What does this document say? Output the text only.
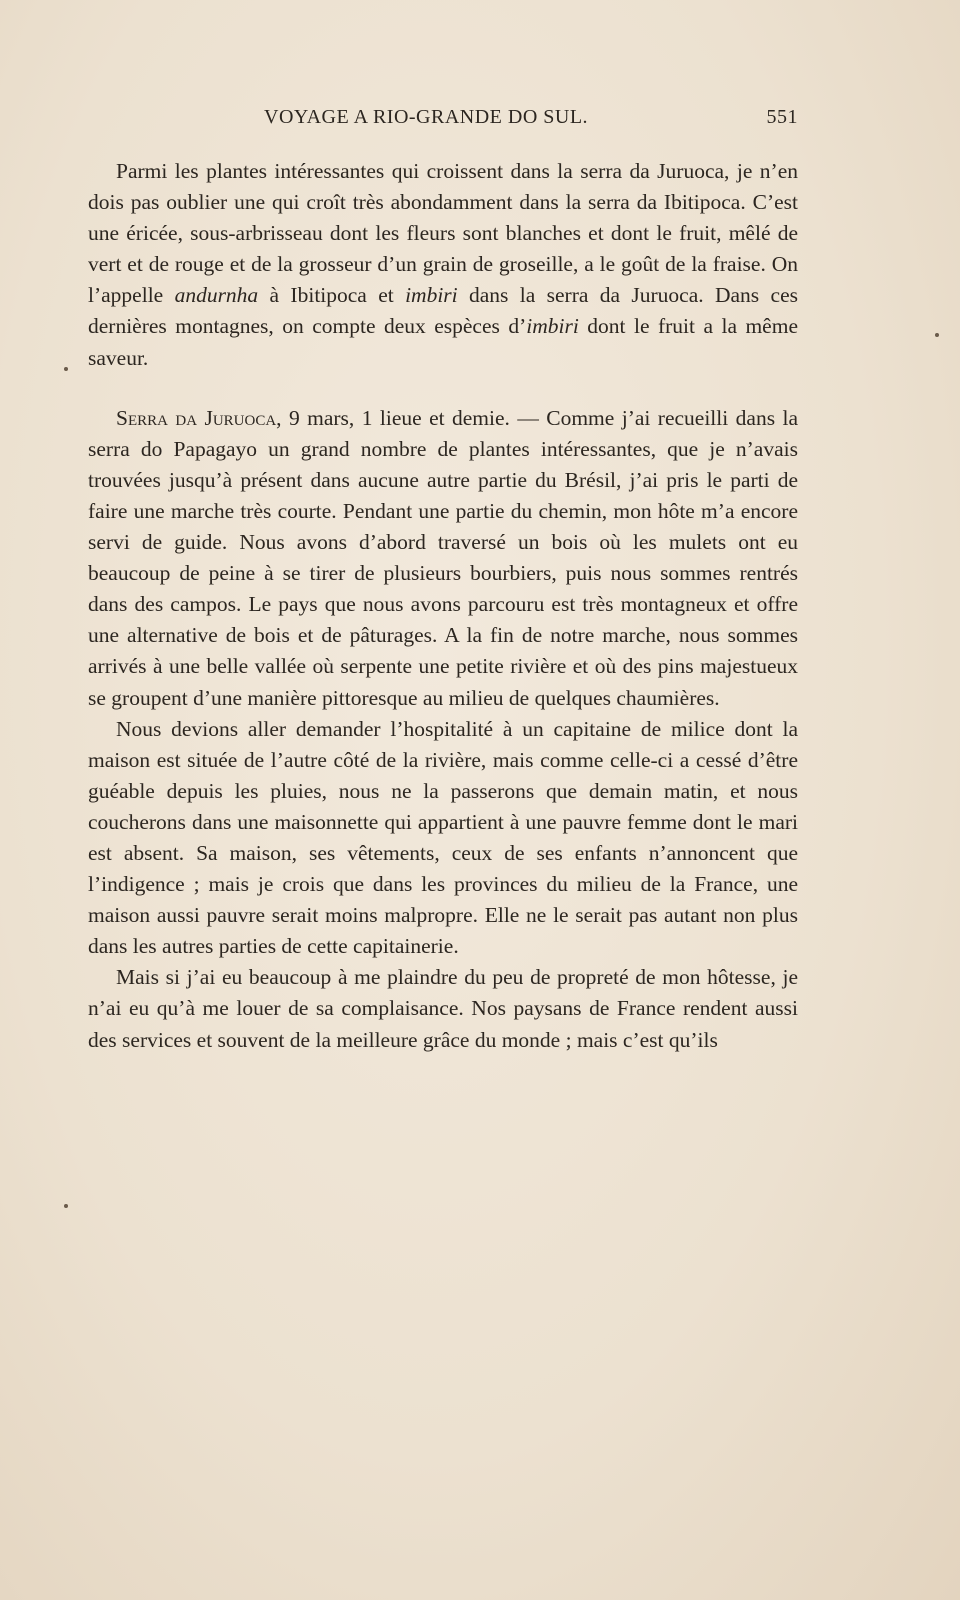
VOYAGE A RIO-GRANDE DO SUL.	551

Parmi les plantes intéressantes qui croissent dans la serra da Juruoca, je n’en dois pas oublier une qui croît très abondamment dans la serra da Ibitipoca. C’est une éricée, sous-arbrisseau dont les fleurs sont blanches et dont le fruit, mêlé de vert et de rouge et de la grosseur d’un grain de groseille, a le goût de la fraise. On l’appelle andurnha à Ibitipoca et imbiri dans la serra da Juruoca. Dans ces dernières montagnes, on compte deux espèces d’imbiri dont le fruit a la même saveur.

Serra da Juruoca, 9 mars, 1 lieue et demie. — Comme j’ai recueilli dans la serra do Papagayo un grand nombre de plantes intéressantes, que je n’avais trouvées jusqu’à présent dans aucune autre partie du Brésil, j’ai pris le parti de faire une marche très courte. Pendant une partie du chemin, mon hôte m’a encore servi de guide. Nous avons d’abord traversé un bois où les mulets ont eu beaucoup de peine à se tirer de plusieurs bourbiers, puis nous sommes rentrés dans des campos. Le pays que nous avons parcouru est très montagneux et offre une alternative de bois et de pâturages. A la fin de notre marche, nous sommes arrivés à une belle vallée où serpente une petite rivière et où des pins majestueux se groupent d’une manière pittoresque au milieu de quelques chaumières.

Nous devions aller demander l’hospitalité à un capitaine de milice dont la maison est située de l’autre côté de la rivière, mais comme celle-ci a cessé d’être guéable depuis les pluies, nous ne la passerons que demain matin, et nous coucherons dans une maisonnette qui appartient à une pauvre femme dont le mari est absent. Sa maison, ses vêtements, ceux de ses enfants n’annoncent que l’indigence ; mais je crois que dans les provinces du milieu de la France, une maison aussi pauvre serait moins malpropre. Elle ne le serait pas autant non plus dans les autres parties de cette capitainerie.

Mais si j’ai eu beaucoup à me plaindre du peu de propreté de mon hôtesse, je n’ai eu qu’à me louer de sa complaisance. Nos paysans de France rendent aussi des services et souvent de la meilleure grâce du monde ; mais c’est qu’ils
